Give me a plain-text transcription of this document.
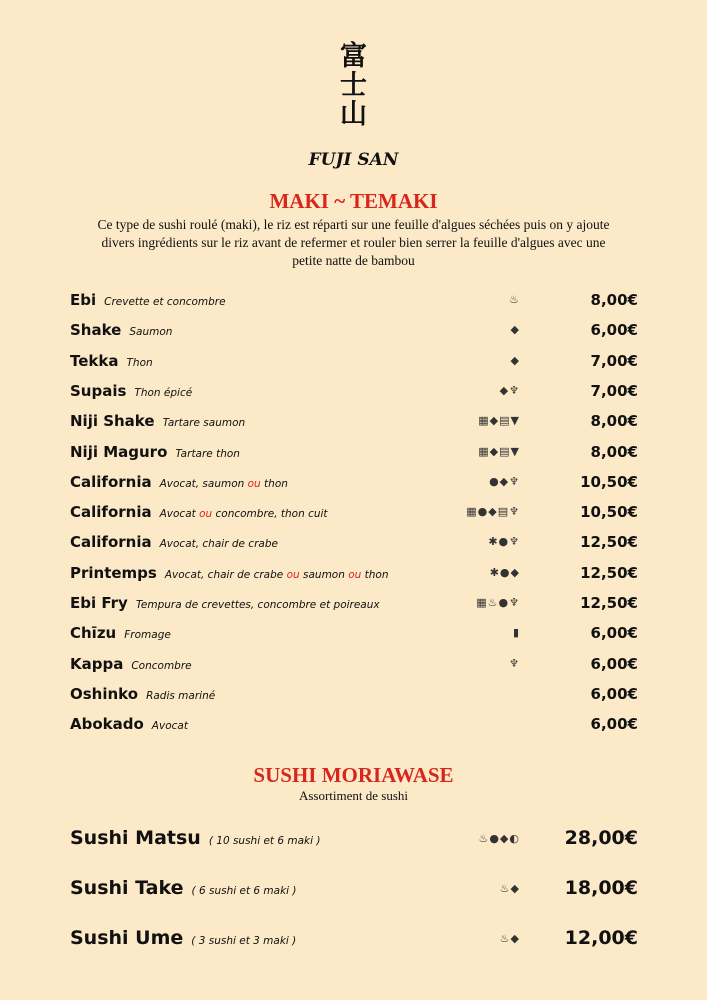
富
士
山
FUJI SAN
MAKI ~ TEMAKI
Ce type de sushi roulé (maki), le riz est réparti sur une feuille d'algues séchées puis on y ajoute divers ingrédients sur le riz avant de refermer et rouler bien serrer la feuille d'algues avec une petite natte de bambou
Ebi Crevette et concombre	♨	8,00€
Shake Saumon	◆	6,00€
Tekka Thon	◆	7,00€
Supais Thon épicé	◆♆	7,00€
Niji Shake Tartare saumon	▦◆▤▼	8,00€
Niji Maguro Tartare thon	▦◆▤▼	8,00€
California Avocat, saumon ou thon	●◆♆	10,50€
California Avocat ou concombre, thon cuit	▦●◆▤♆	10,50€
California Avocat, chair de crabe	✱●♆	12,50€
Printemps Avocat, chair de crabe ou saumon ou thon	✱●◆	12,50€
Ebi Fry Tempura de crevettes, concombre et poireaux	▦♨●♆	12,50€
Chīzu Fromage	▮	6,00€
Kappa Concombre	♆	6,00€
Oshinko Radis mariné	6,00€
Abokado Avocat	6,00€
SUSHI MORIAWASE
Assortiment de sushi
Sushi Matsu ( 10 sushi et 6 maki )	♨●◆◐ 28,00€
Sushi Take ( 6 sushi et 6 maki )	♨◆ 18,00€
Sushi Ume ( 3 sushi et 3 maki )	♨◆ 12,00€
